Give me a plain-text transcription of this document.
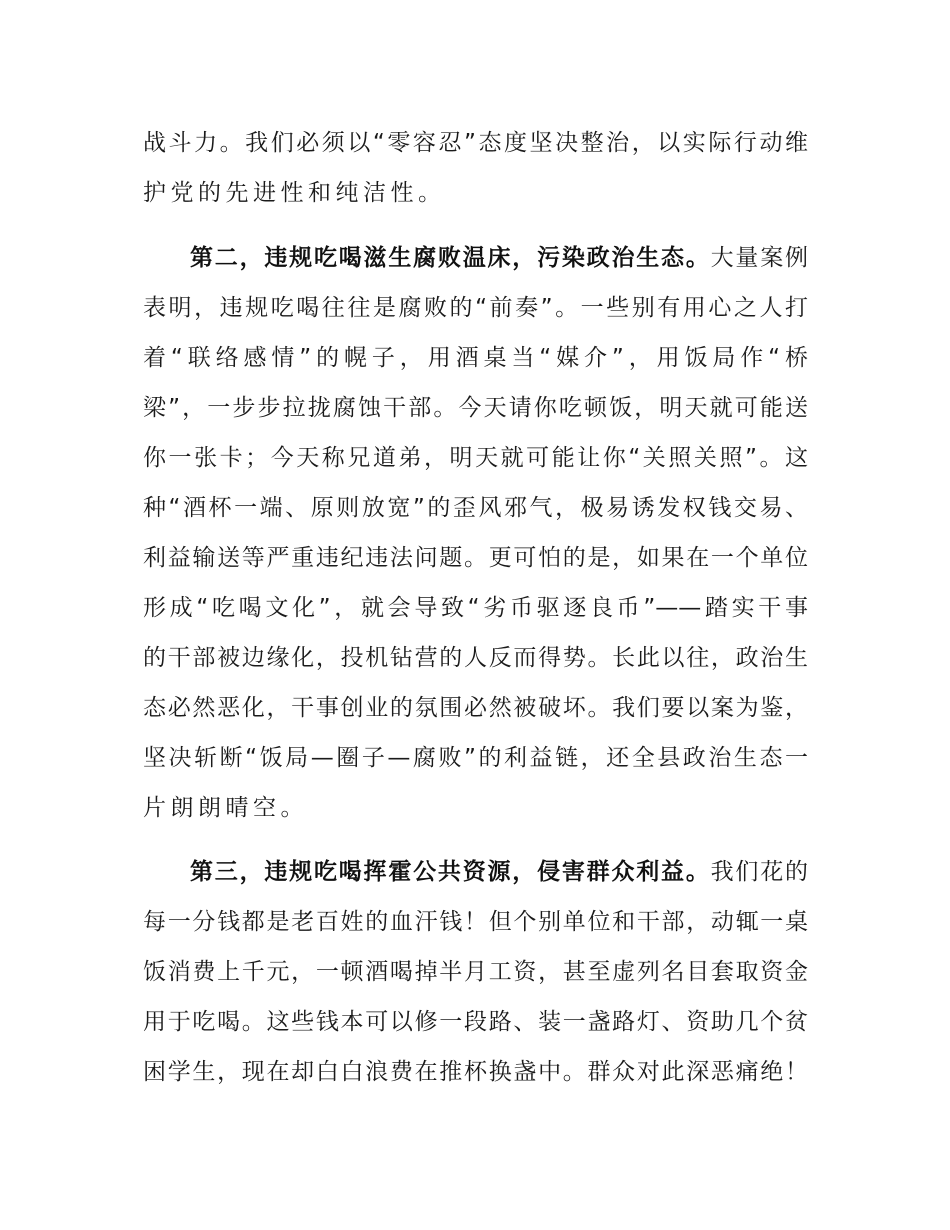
战斗力。我们必须以“零容忍”态度坚决整治，以实际行动维
护党的先进性和纯洁性。
第二，违规吃喝滋生腐败温床，污染政治生态。大量案例
表明，违规吃喝往往是腐败的“前奏”。一些别有用心之人打
着“联络感情”的幌子，用酒桌当“媒介”，用饭局作“桥
梁”，一步步拉拢腐蚀干部。今天请你吃顿饭，明天就可能送
你一张卡；今天称兄道弟，明天就可能让你“关照关照”。这
种“酒杯一端、原则放宽”的歪风邪气，极易诱发权钱交易、
利益输送等严重违纪违法问题。更可怕的是，如果在一个单位
形成“吃喝文化”，就会导致“劣币驱逐良币”——踏实干事
的干部被边缘化，投机钻营的人反而得势。长此以往，政治生
态必然恶化，干事创业的氛围必然被破坏。我们要以案为鉴，
坚决斩断“饭局—圈子—腐败”的利益链，还全县政治生态一
片朗朗晴空。
第三，违规吃喝挥霍公共资源，侵害群众利益。我们花的
每一分钱都是老百姓的血汗钱！但个别单位和干部，动辄一桌
饭消费上千元，一顿酒喝掉半月工资，甚至虚列名目套取资金
用于吃喝。这些钱本可以修一段路、装一盏路灯、资助几个贫
困学生，现在却白白浪费在推杯换盏中。群众对此深恶痛绝！
